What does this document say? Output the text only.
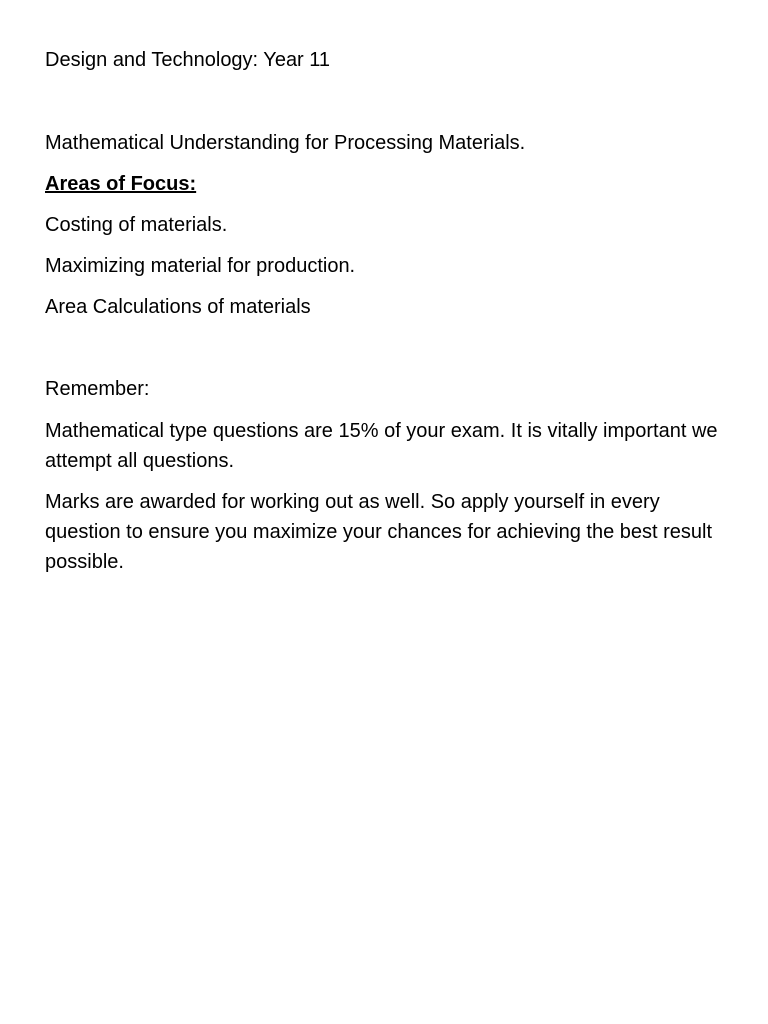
Design and Technology: Year 11

Mathematical Understanding for Processing Materials.

Areas of Focus:

Costing of materials.

Maximizing material for production.

Area Calculations of materials

Remember:

Mathematical type questions are 15% of your exam. It is vitally important we attempt all questions.

Marks are awarded for working out as well. So apply yourself in every question to ensure you maximize your chances for achieving the best result possible.
